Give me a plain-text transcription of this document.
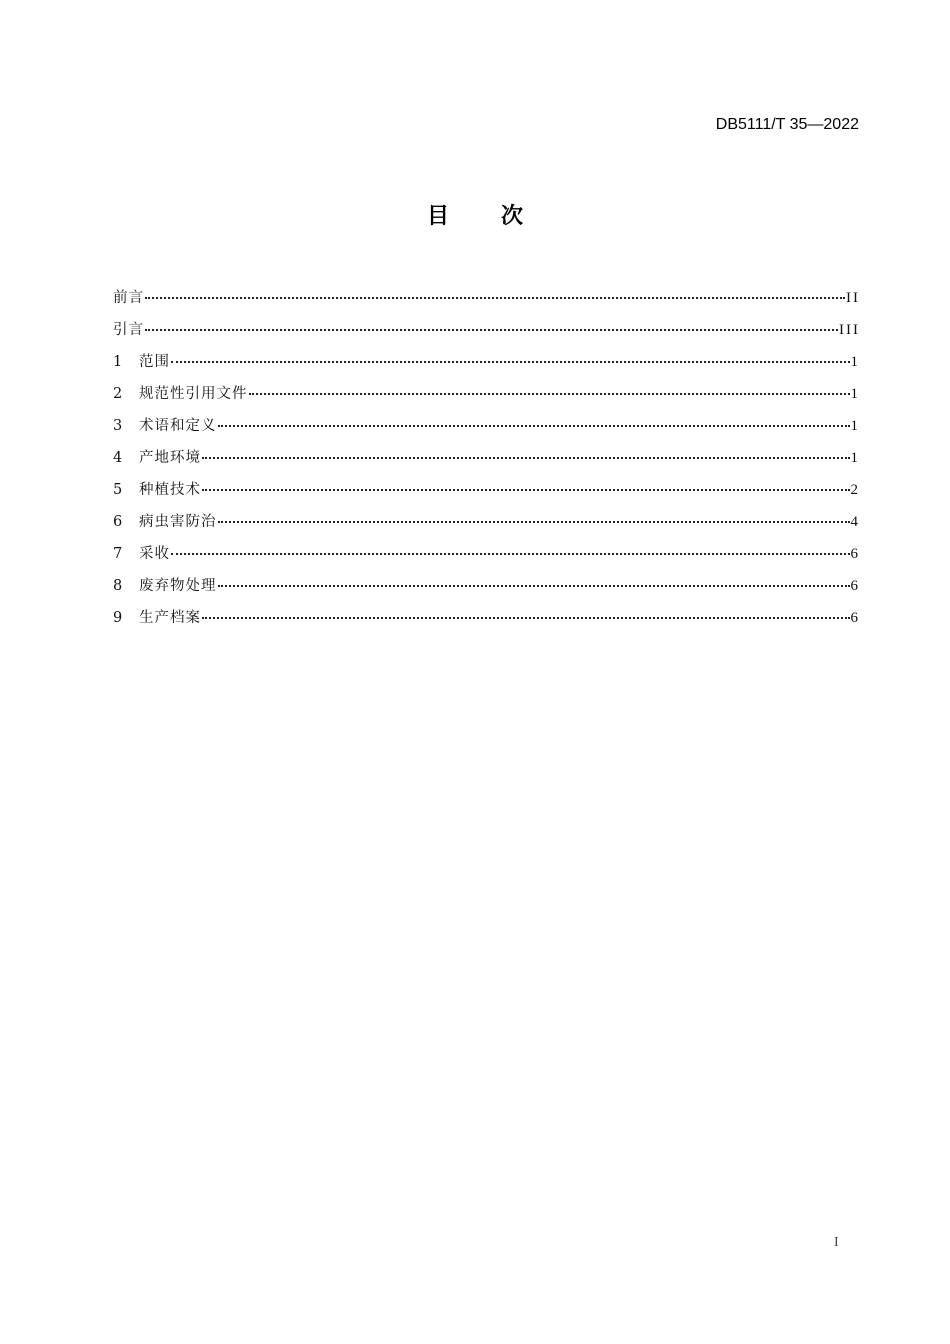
DB5111/T 35—2022
目 次
前言	II
引言	III
1	范围	1
2	规范性引用文件	1
3	术语和定义	1
4	产地环境	1
5	种植技术	2
6	病虫害防治	4
7	采收	6
8	废弃物处理	6
9	生产档案	6
I
